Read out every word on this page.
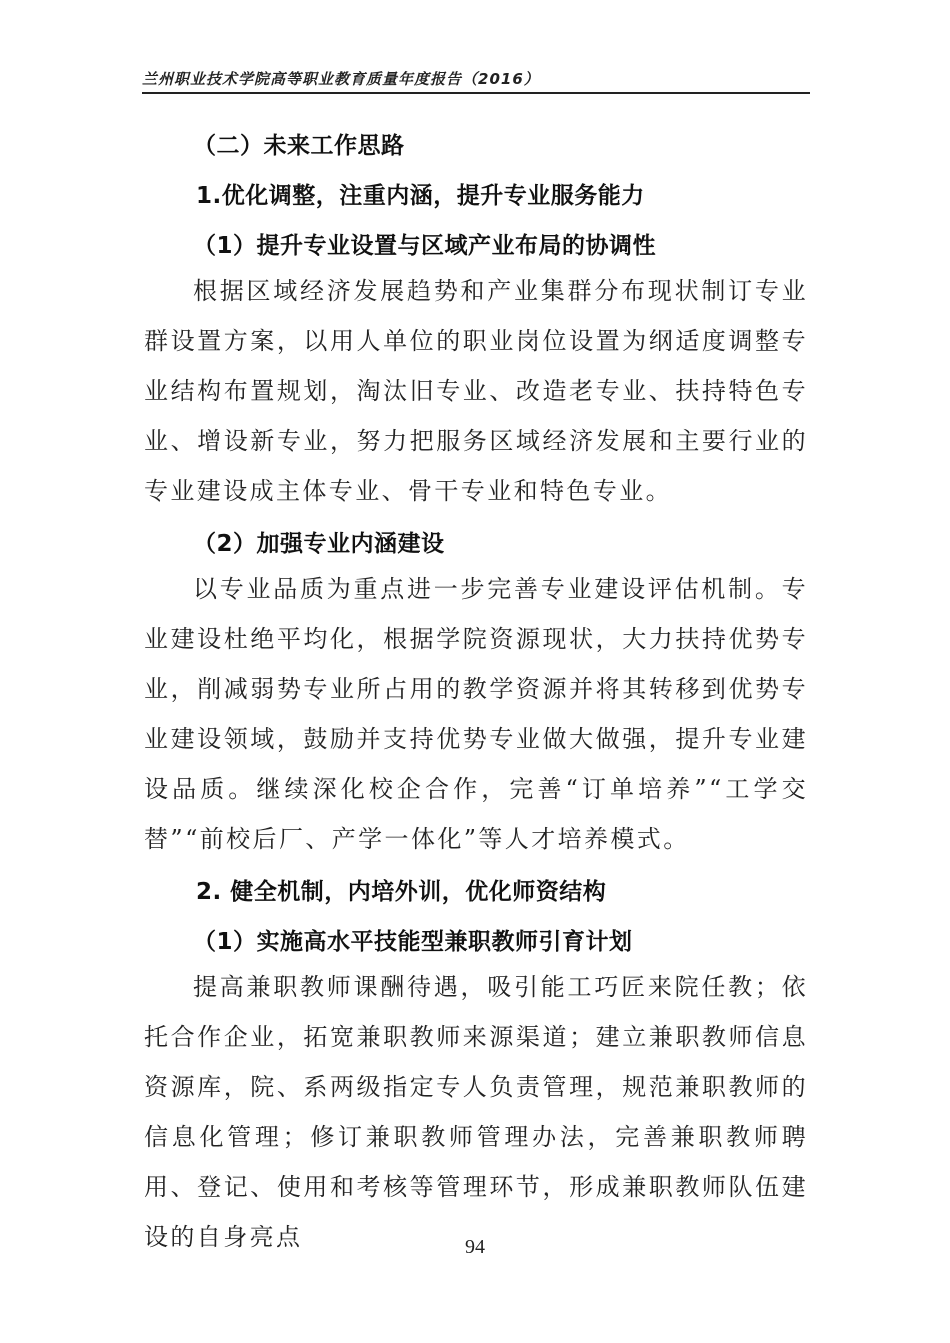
兰州职业技术学院高等职业教育质量年度报告（2016）
（二）未来工作思路
1.优化调整，注重内涵，提升专业服务能力
（1）提升专业设置与区域产业布局的协调性

根据区域经济发展趋势和产业集群分布现状制订专业群设置方案，以用人单位的职业岗位设置为纲适度调整专业结构布置规划，淘汰旧专业、改造老专业、扶持特色专业、增设新专业，努力把服务区域经济发展和主要行业的专业建设成主体专业、骨干专业和特色专业。

（2）加强专业内涵建设

以专业品质为重点进一步完善专业建设评估机制。专业建设杜绝平均化，根据学院资源现状，大力扶持优势专业，削减弱势专业所占用的教学资源并将其转移到优势专业建设领域，鼓励并支持优势专业做大做强，提升专业建设品质。继续深化校企合作，完善“订单培养”“工学交替”“前校后厂、产学一体化”等人才培养模式。

2. 健全机制，内培外训，优化师资结构
（1）实施高水平技能型兼职教师引育计划

提高兼职教师课酬待遇，吸引能工巧匠来院任教；依托合作企业，拓宽兼职教师来源渠道；建立兼职教师信息资源库，院、系两级指定专人负责管理，规范兼职教师的信息化管理；修订兼职教师管理办法，完善兼职教师聘用、登记、使用和考核等管理环节，形成兼职教师队伍建设的自身亮点	94
